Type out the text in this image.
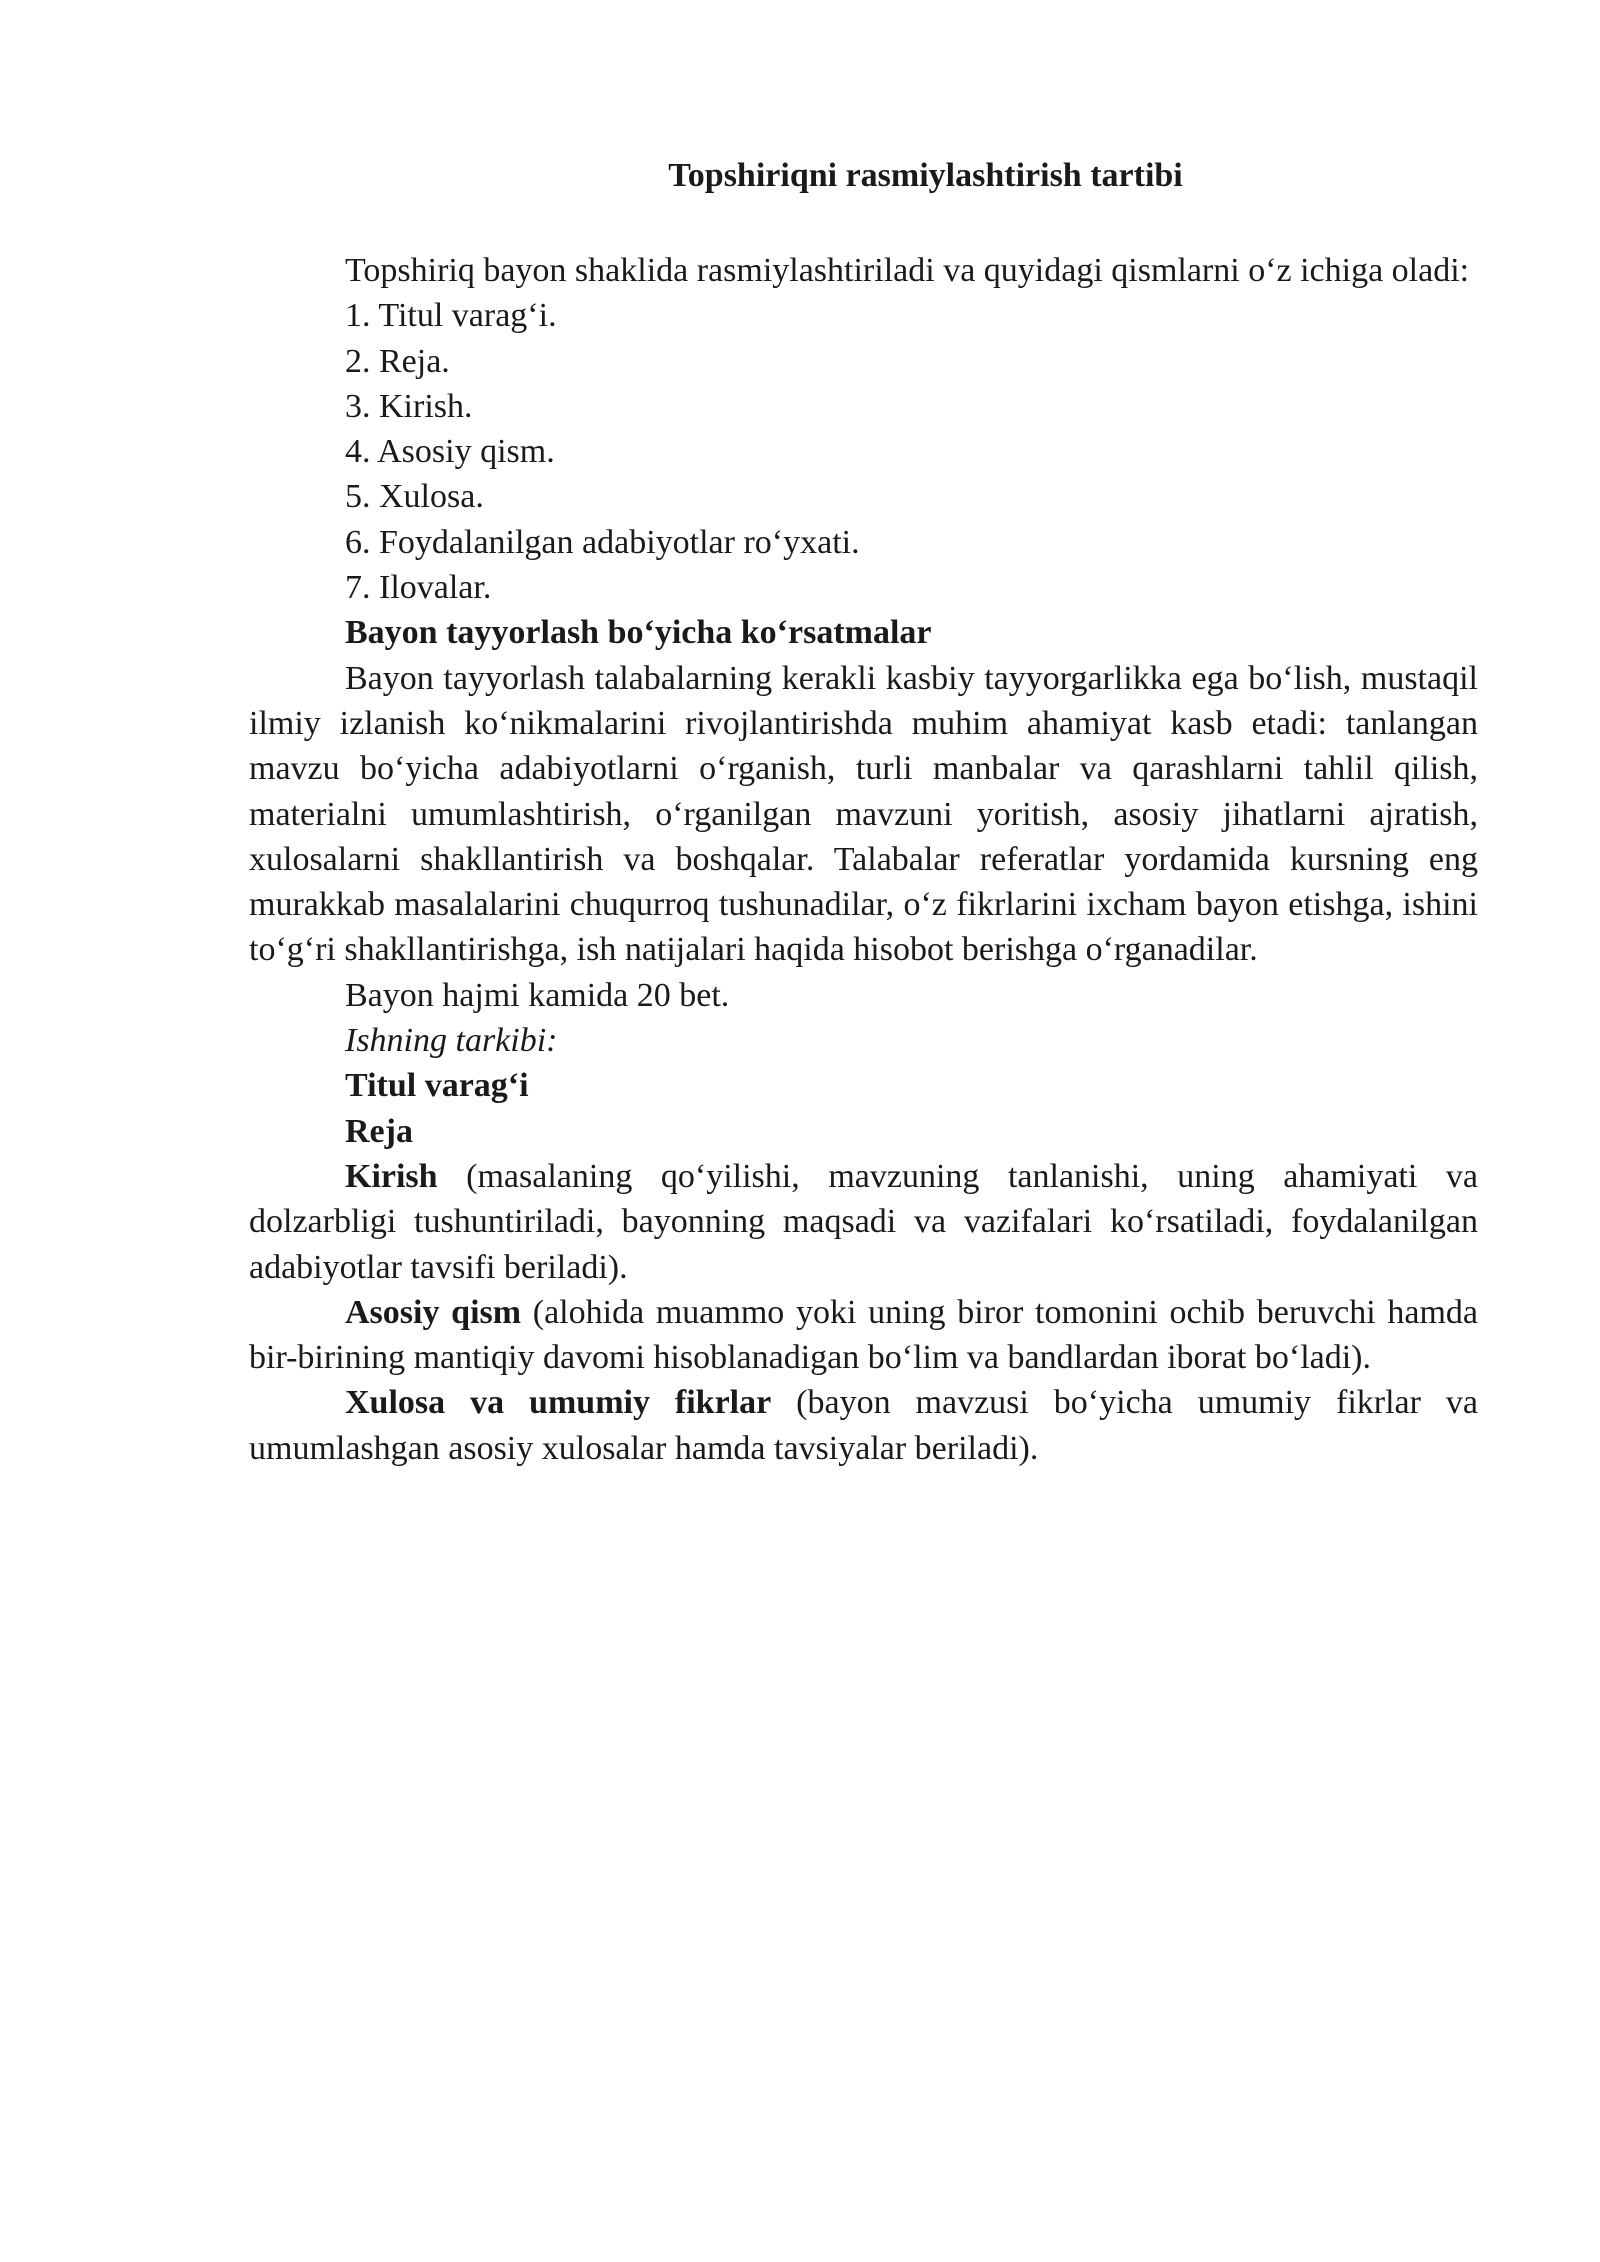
Topshiriqni rasmiylashtirish tartibi

Topshiriq bayon shaklida rasmiylashtiriladi va quyidagi qismlarni o‘z ichiga oladi:

1. Titul varag‘i.
2. Reja.
3. Kirish.
4. Asosiy qism.
5. Xulosa.
6. Foydalanilgan adabiyotlar ro‘yxati.
7. Ilovalar.

Bayon tayyorlash bo‘yicha ko‘rsatmalar

Bayon tayyorlash talabalarning kerakli kasbiy tayyorgarlikka ega bo‘lish, mustaqil ilmiy izlanish ko‘nikmalarini rivojlantirishda muhim ahamiyat kasb etadi: tanlangan mavzu bo‘yicha adabiyotlarni o‘rganish, turli manbalar va qarashlarni tahlil qilish, materialni umumlashtirish, o‘rganilgan mavzuni yoritish, asosiy jihatlarni ajratish, xulosalarni shakllantirish va boshqalar. Talabalar referatlar yordamida kursning eng murakkab masalalarini chuqurroq tushunadilar, o‘z fikrlarini ixcham bayon etishga, ishini to‘g‘ri shakllantirishga, ish natijalari haqida hisobot berishga o‘rganadilar.

Bayon hajmi kamida 20 bet.

Ishning tarkibi:

Titul varag‘i

Reja

Kirish (masalaning qo‘yilishi, mavzuning tanlanishi, uning ahamiyati va dolzarbligi tushuntiriladi, bayonning maqsadi va vazifalari ko‘rsatiladi, foydalanilgan adabiyotlar tavsifi beriladi).

Asosiy qism (alohida muammo yoki uning biror tomonini ochib beruvchi hamda bir-birining mantiqiy davomi hisoblanadigan bo‘lim va bandlardan iborat bo‘ladi).

Xulosa va umumiy fikrlar (bayon mavzusi bo‘yicha umumiy fikrlar va umumlashgan asosiy xulosalar hamda tavsiyalar beriladi).
